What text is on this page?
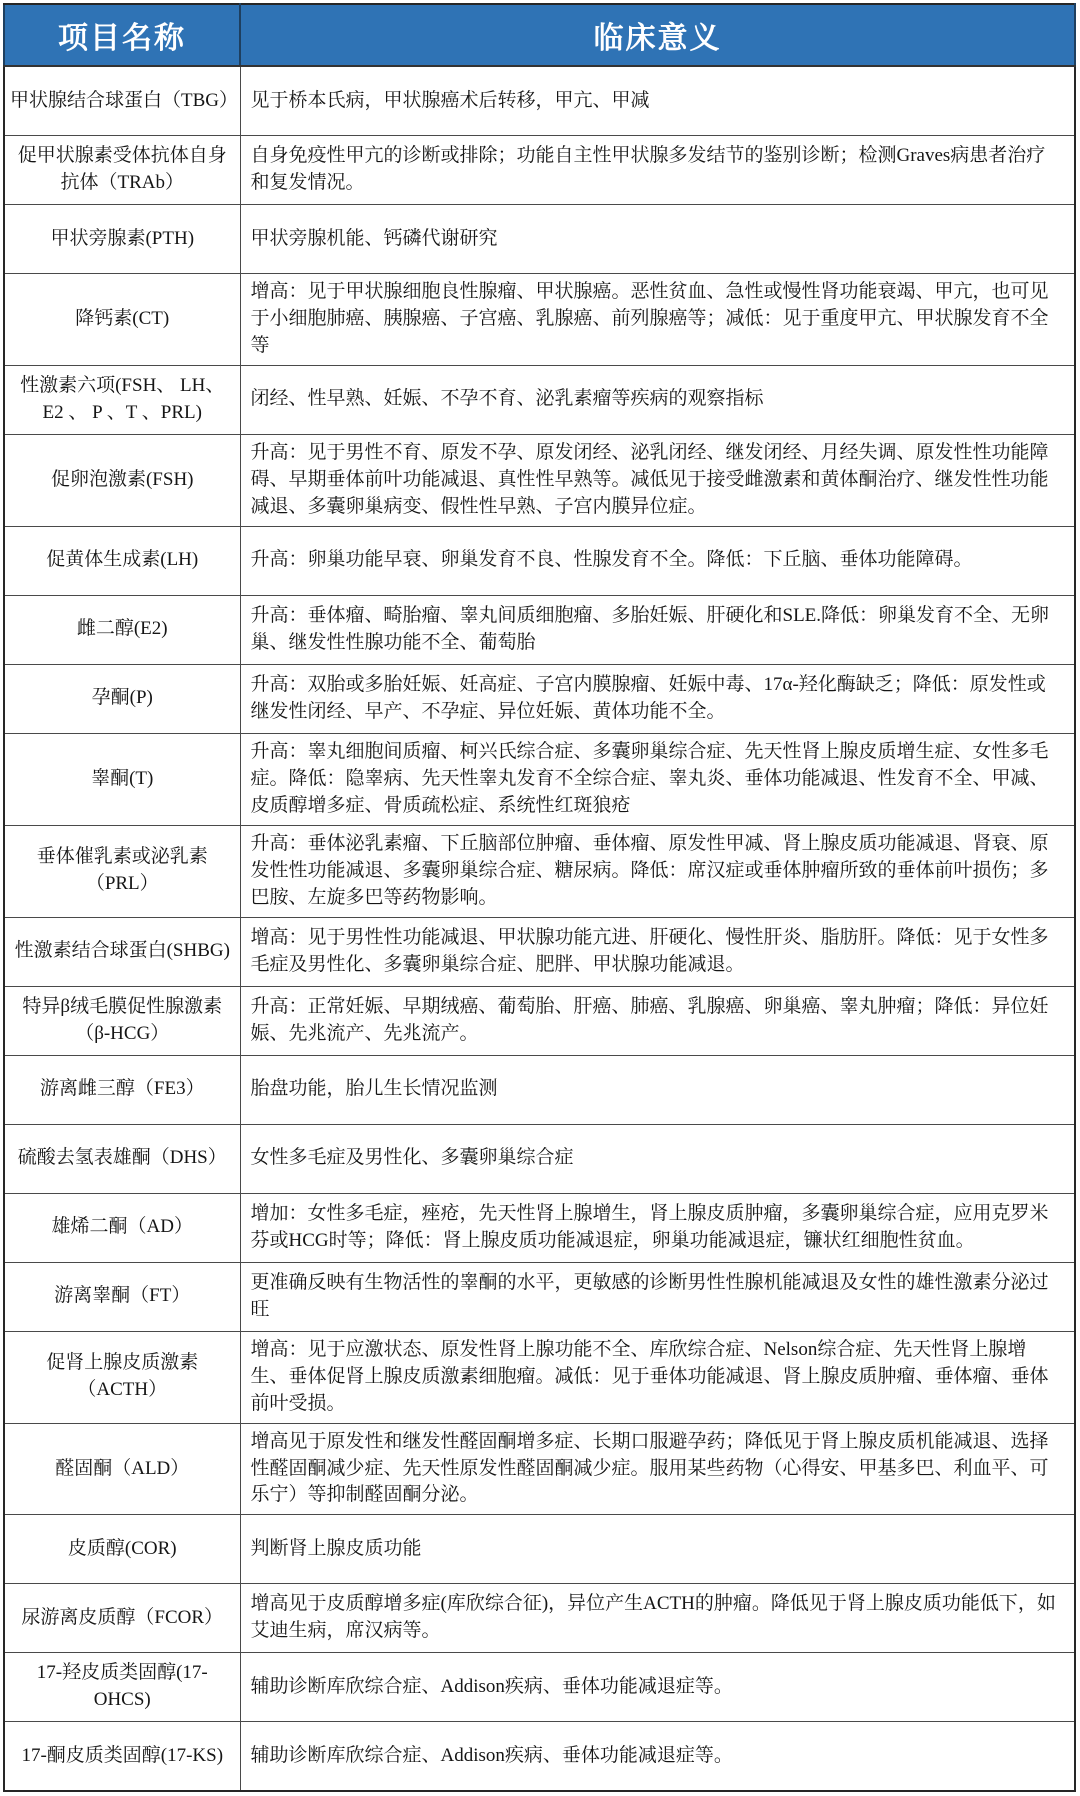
项目名称	临床意义
甲状腺结合球蛋白（TBG）	见于桥本氏病，甲状腺癌术后转移，甲亢、甲减
促甲状腺素受体抗体自身抗体（TRAb）	自身免疫性甲亢的诊断或排除；功能自主性甲状腺多发结节的鉴别诊断；检测Graves病患者治疗和复发情况。
甲状旁腺素(PTH)	甲状旁腺机能、钙磷代谢研究
降钙素(CT)	增高：见于甲状腺细胞良性腺瘤、甲状腺癌。恶性贫血、急性或慢性肾功能衰竭、甲亢，也可见于小细胞肺癌、胰腺癌、子宫癌、乳腺癌、前列腺癌等；减低：见于重度甲亢、甲状腺发育不全等
性激素六项(FSH、 LH、 E2 、 P 、T 、PRL)	闭经、性早熟、妊娠、不孕不育、泌乳素瘤等疾病的观察指标
促卵泡激素(FSH)	升高：见于男性不育、原发不孕、原发闭经、泌乳闭经、继发闭经、月经失调、原发性性功能障碍、早期垂体前叶功能减退、真性性早熟等。减低见于接受雌激素和黄体酮治疗、继发性性功能减退、多囊卵巢病变、假性性早熟、子宫内膜异位症。
促黄体生成素(LH)	升高：卵巢功能早衰、卵巢发育不良、性腺发育不全。降低：下丘脑、垂体功能障碍。
雌二醇(E2)	升高：垂体瘤、畸胎瘤、睾丸间质细胞瘤、多胎妊娠、肝硬化和SLE.降低：卵巢发育不全、无卵巢、继发性性腺功能不全、葡萄胎
孕酮(P)	升高：双胎或多胎妊娠、妊高症、子宫内膜腺瘤、妊娠中毒、17α-羟化酶缺乏；降低：原发性或继发性闭经、早产、不孕症、异位妊娠、黄体功能不全。
睾酮(T)	升高：睾丸细胞间质瘤、柯兴氏综合症、多囊卵巢综合症、先天性肾上腺皮质增生症、女性多毛症。降低：隐睾病、先天性睾丸发育不全综合症、睾丸炎、垂体功能减退、性发育不全、甲减、皮质醇增多症、骨质疏松症、系统性红斑狼疮
垂体催乳素或泌乳素（PRL）	升高：垂体泌乳素瘤、下丘脑部位肿瘤、垂体瘤、原发性甲减、肾上腺皮质功能减退、肾衰、原发性性功能减退、多囊卵巢综合症、糖尿病。降低：席汉症或垂体肿瘤所致的垂体前叶损伤；多巴胺、左旋多巴等药物影响。
性激素结合球蛋白(SHBG)	增高：见于男性性功能减退、甲状腺功能亢进、肝硬化、慢性肝炎、脂肪肝。降低：见于女性多毛症及男性化、多囊卵巢综合症、肥胖、甲状腺功能减退。
特异β绒毛膜促性腺激素（β-HCG）	升高：正常妊娠、早期绒癌、葡萄胎、肝癌、肺癌、乳腺癌、卵巢癌、睾丸肿瘤；降低：异位妊娠、先兆流产、先兆流产。
游离雌三醇（FE3）	胎盘功能，胎儿生长情况监测
硫酸去氢表雄酮（DHS）	女性多毛症及男性化、多囊卵巢综合症
雄烯二酮（AD）	增加：女性多毛症，痤疮，先天性肾上腺增生，肾上腺皮质肿瘤，多囊卵巢综合症，应用克罗米芬或HCG时等；降低：肾上腺皮质功能减退症，卵巢功能减退症，镰状红细胞性贫血。
游离睾酮（FT）	更准确反映有生物活性的睾酮的水平，更敏感的诊断男性性腺机能减退及女性的雄性激素分泌过旺
促肾上腺皮质激素（ACTH）	增高：见于应激状态、原发性肾上腺功能不全、库欣综合症、Nelson综合症、先天性肾上腺增生、垂体促肾上腺皮质激素细胞瘤。减低：见于垂体功能减退、肾上腺皮质肿瘤、垂体瘤、垂体前叶受损。
醛固酮（ALD）	增高见于原发性和继发性醛固酮增多症、长期口服避孕药；降低见于肾上腺皮质机能减退、选择性醛固酮减少症、先天性原发性醛固酮减少症。服用某些药物（心得安、甲基多巴、利血平、可乐宁）等抑制醛固酮分泌。
皮质醇(COR)	判断肾上腺皮质功能
尿游离皮质醇（FCOR）	增高见于皮质醇增多症(库欣综合征)，异位产生ACTH的肿瘤。降低见于肾上腺皮质功能低下，如艾迪生病，席汉病等。
17-羟皮质类固醇(17-OHCS)	辅助诊断库欣综合症、Addison疾病、垂体功能减退症等。
17-酮皮质类固醇(17-KS)	辅助诊断库欣综合症、Addison疾病、垂体功能减退症等。
